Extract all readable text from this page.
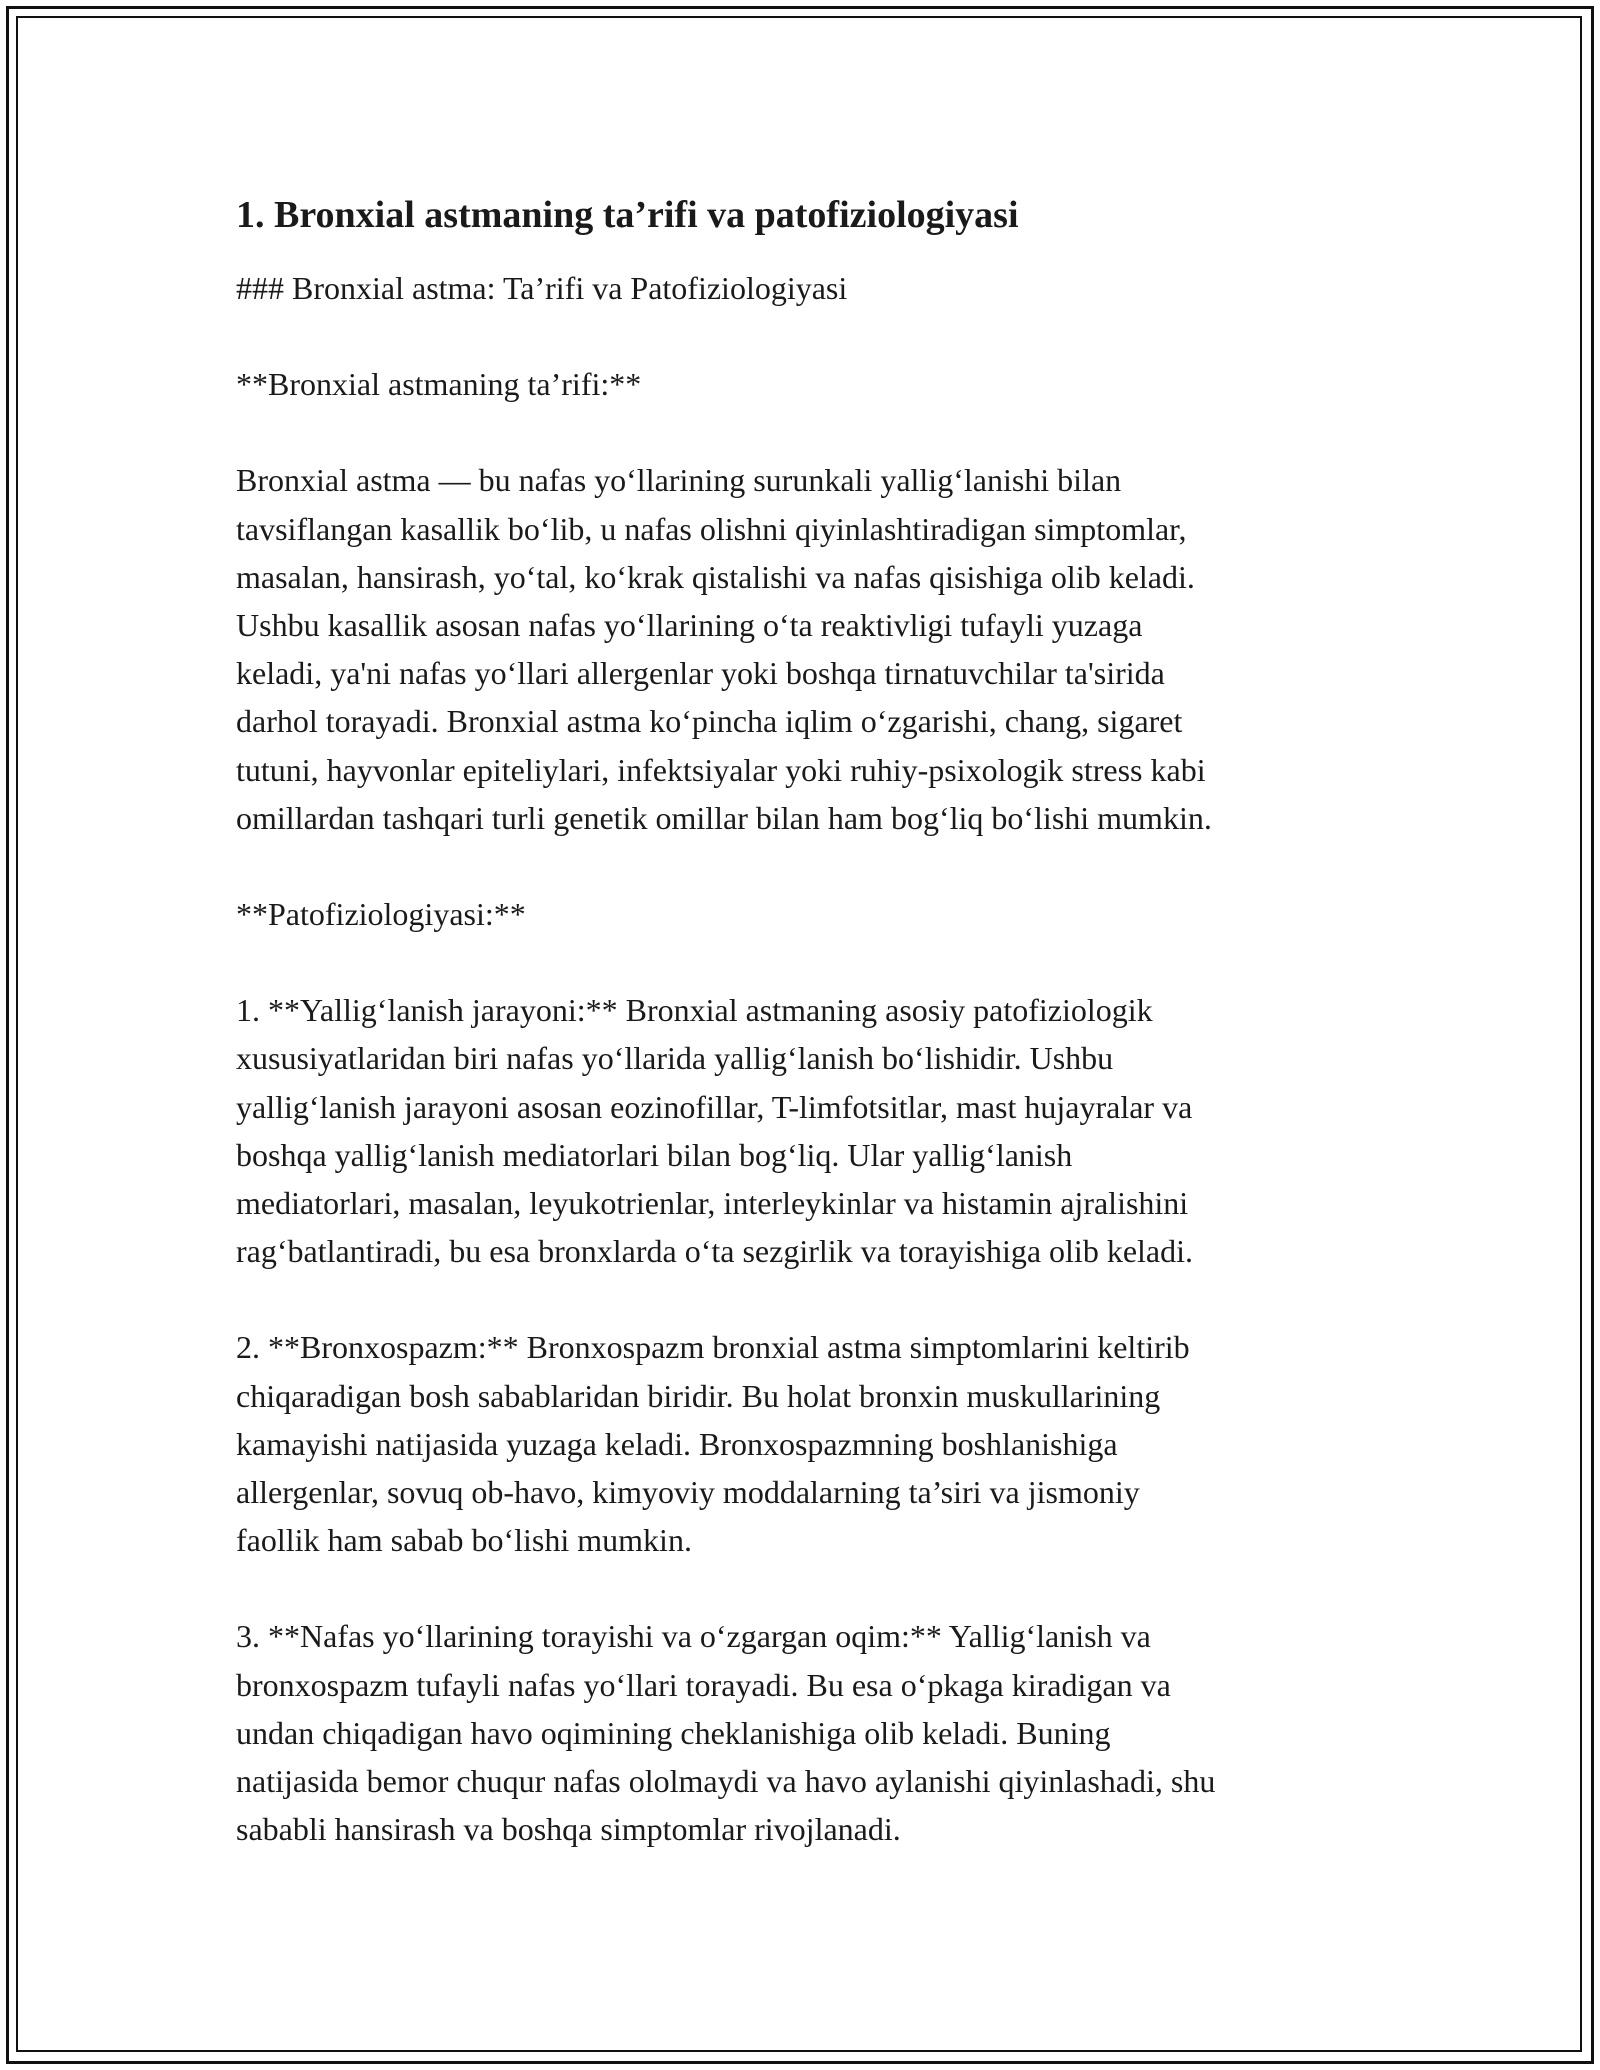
1. Bronxial astmaning ta’rifi va patofiziologiyasi

### Bronxial astma: Ta’rifi va Patofiziologiyasi

**Bronxial astmaning ta’rifi:**

Bronxial astma — bu nafas yo‘llarining surunkali yallig‘lanishi bilan
tavsiflangan kasallik bo‘lib, u nafas olishni qiyinlashtiradigan simptomlar,
masalan, hansirash, yo‘tal, ko‘krak qistalishi va nafas qisishiga olib keladi.
Ushbu kasallik asosan nafas yo‘llarining o‘ta reaktivligi tufayli yuzaga
keladi, ya'ni nafas yo‘llari allergenlar yoki boshqa tirnatuvchilar ta'sirida
darhol torayadi. Bronxial astma ko‘pincha iqlim o‘zgarishi, chang, sigaret
tutuni, hayvonlar epiteliylari, infektsiyalar yoki ruhiy-psixologik stress kabi
omillardan tashqari turli genetik omillar bilan ham bog‘liq bo‘lishi mumkin.

**Patofiziologiyasi:**

1. **Yallig‘lanish jarayoni:** Bronxial astmaning asosiy patofiziologik
xususiyatlaridan biri nafas yo‘llarida yallig‘lanish bo‘lishidir. Ushbu
yallig‘lanish jarayoni asosan eozinofillar, T-limfotsitlar, mast hujayralar va
boshqa yallig‘lanish mediatorlari bilan bog‘liq. Ular yallig‘lanish
mediatorlari, masalan, leyukotrienlar, interleykinlar va histamin ajralishini
rag‘batlantiradi, bu esa bronxlarda o‘ta sezgirlik va torayishiga olib keladi.

2. **Bronxospazm:** Bronxospazm bronxial astma simptomlarini keltirib
chiqaradigan bosh sabablaridan biridir. Bu holat bronxin muskullarining
kamayishi natijasida yuzaga keladi. Bronxospazmning boshlanishiga
allergenlar, sovuq ob-havo, kimyoviy moddalarning ta’siri va jismoniy
faollik ham sabab bo‘lishi mumkin.

3. **Nafas yo‘llarining torayishi va o‘zgargan oqim:** Yallig‘lanish va
bronxospazm tufayli nafas yo‘llari torayadi. Bu esa o‘pkaga kiradigan va
undan chiqadigan havo oqimining cheklanishiga olib keladi. Buning
natijasida bemor chuqur nafas ololmaydi va havo aylanishi qiyinlashadi, shu
sababli hansirash va boshqa simptomlar rivojlanadi.
